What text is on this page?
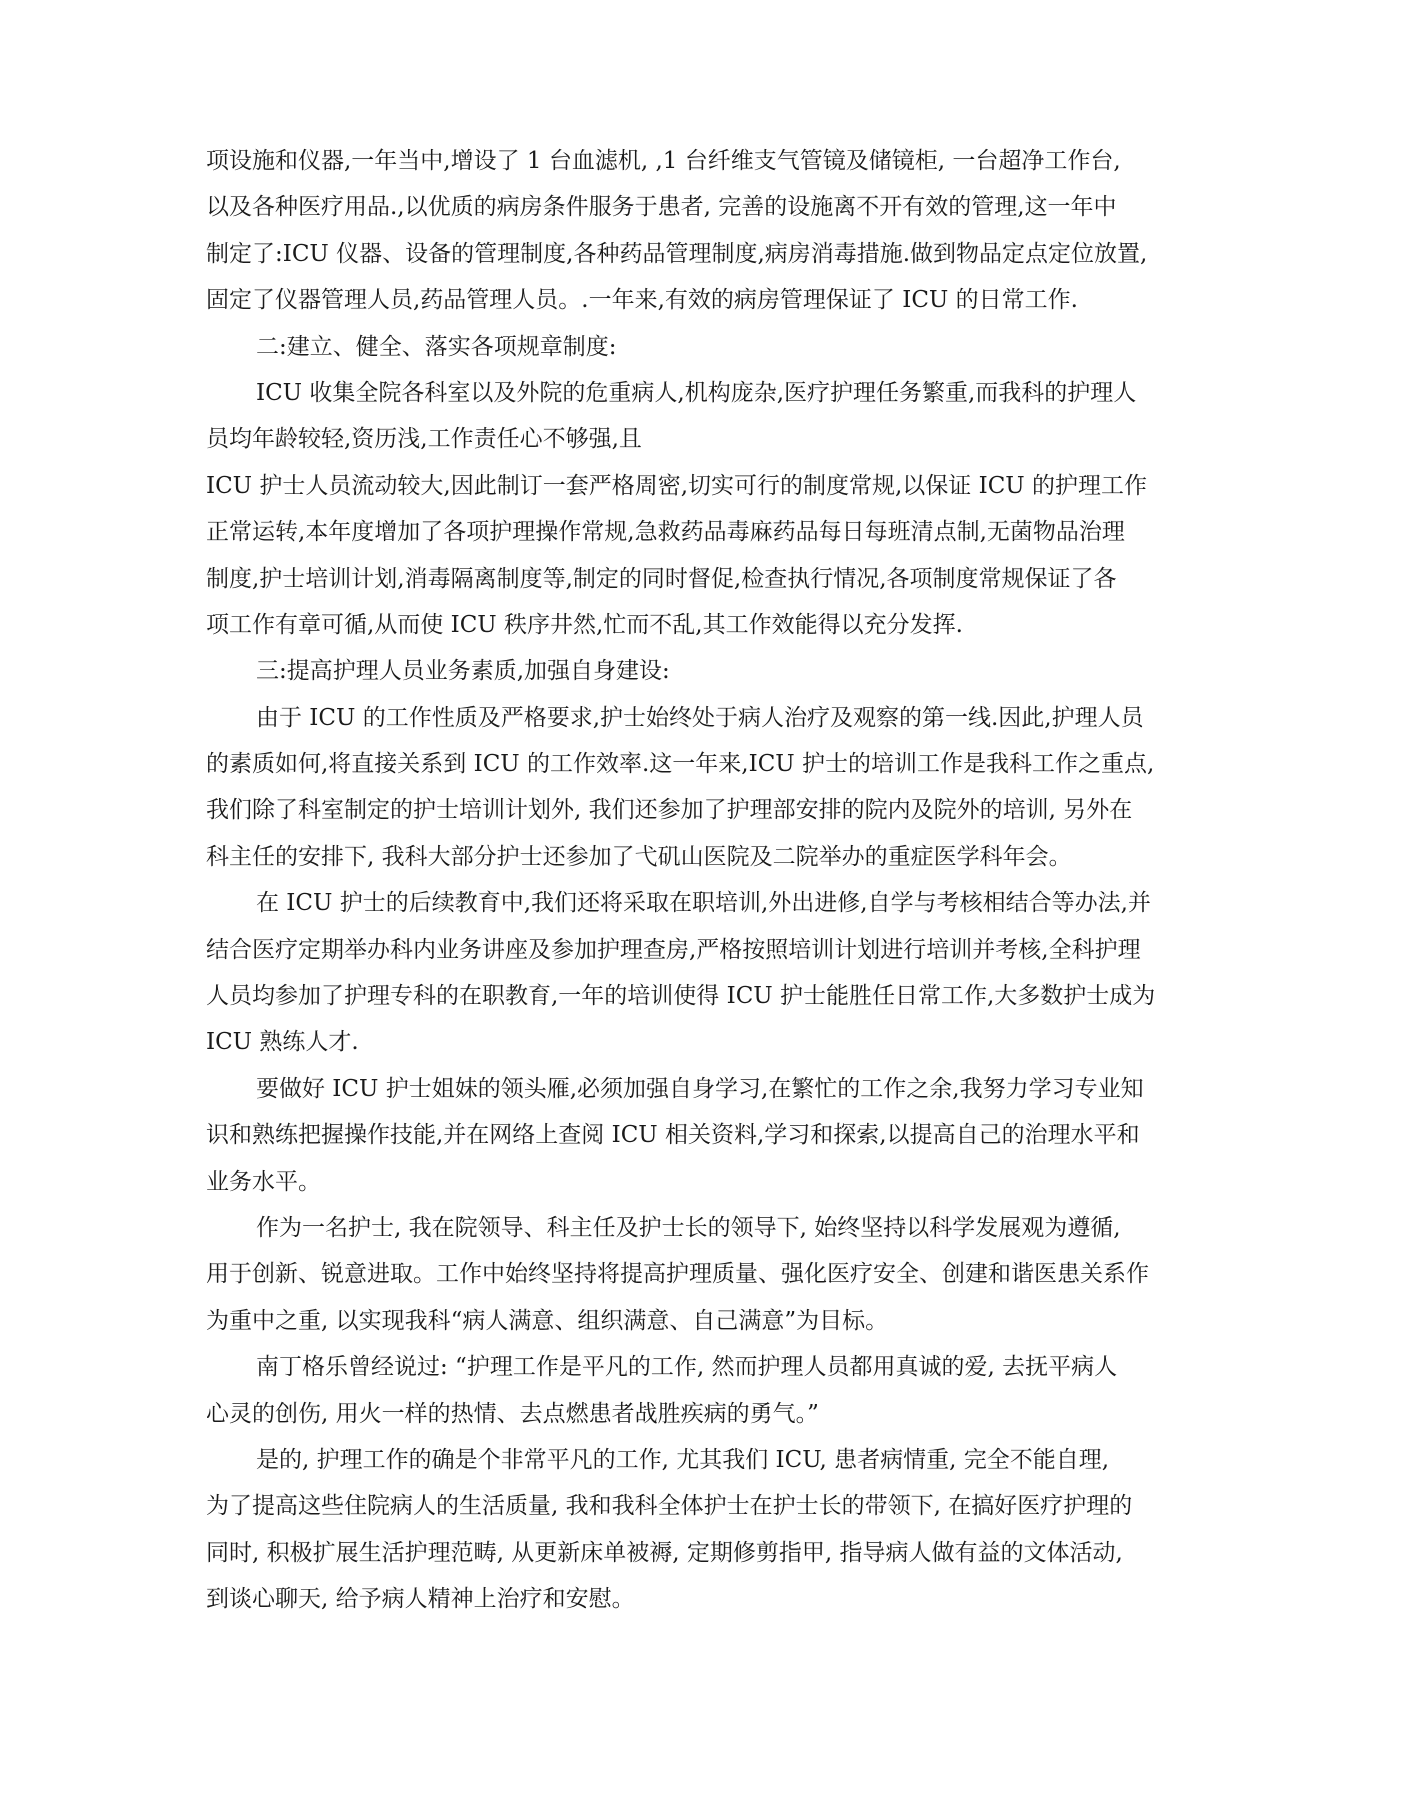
项设施和仪器,一年当中,增设了 1 台血滤机, ,1 台纤维支气管镜及储镜柜, 一台超净工作台,
以及各种医疗用品.,以优质的病房条件服务于患者, 完善的设施离不开有效的管理,这一年中
制定了:ICU 仪器、设备的管理制度,各种药品管理制度,病房消毒措施.做到物品定点定位放置,
固定了仪器管理人员,药品管理人员。.一年来,有效的病房管理保证了 ICU 的日常工作.
二:建立、健全、落实各项规章制度:
ICU 收集全院各科室以及外院的危重病人,机构庞杂,医疗护理任务繁重,而我科的护理人
员均年龄较轻,资历浅,工作责任心不够强,且
ICU 护士人员流动较大,因此制订一套严格周密,切实可行的制度常规,以保证 ICU 的护理工作
正常运转,本年度增加了各项护理操作常规,急救药品毒麻药品每日每班清点制,无菌物品治理
制度,护士培训计划,消毒隔离制度等,制定的同时督促,检查执行情况,各项制度常规保证了各
项工作有章可循,从而使 ICU 秩序井然,忙而不乱,其工作效能得以充分发挥.
三:提高护理人员业务素质,加强自身建设:
由于 ICU 的工作性质及严格要求,护士始终处于病人治疗及观察的第一线.因此,护理人员
的素质如何,将直接关系到 ICU 的工作效率.这一年来,ICU 护士的培训工作是我科工作之重点,
我们除了科室制定的护士培训计划外, 我们还参加了护理部安排的院内及院外的培训, 另外在
科主任的安排下, 我科大部分护士还参加了弋矶山医院及二院举办的重症医学科年会。
在 ICU 护士的后续教育中,我们还将采取在职培训,外出进修,自学与考核相结合等办法,并
结合医疗定期举办科内业务讲座及参加护理查房,严格按照培训计划进行培训并考核,全科护理
人员均参加了护理专科的在职教育,一年的培训使得 ICU 护士能胜任日常工作,大多数护士成为
ICU 熟练人才.
要做好 ICU 护士姐妹的领头雁,必须加强自身学习,在繁忙的工作之余,我努力学习专业知
识和熟练把握操作技能,并在网络上查阅 ICU 相关资料,学习和探索,以提高自己的治理水平和
业务水平。
作为一名护士, 我在院领导、科主任及护士长的领导下, 始终坚持以科学发展观为遵循,
用于创新、锐意进取。工作中始终坚持将提高护理质量、强化医疗安全、创建和谐医患关系作
为重中之重, 以实现我科“病人满意、组织满意、自己满意”为目标。
南丁格乐曾经说过: “护理工作是平凡的工作, 然而护理人员都用真诚的爱, 去抚平病人
心灵的创伤, 用火一样的热情、去点燃患者战胜疾病的勇气。”
是的, 护理工作的确是个非常平凡的工作, 尤其我们 ICU, 患者病情重, 完全不能自理,
为了提高这些住院病人的生活质量, 我和我科全体护士在护士长的带领下, 在搞好医疗护理的
同时, 积极扩展生活护理范畴, 从更新床单被褥, 定期修剪指甲, 指导病人做有益的文体活动,
到谈心聊天, 给予病人精神上治疗和安慰。
